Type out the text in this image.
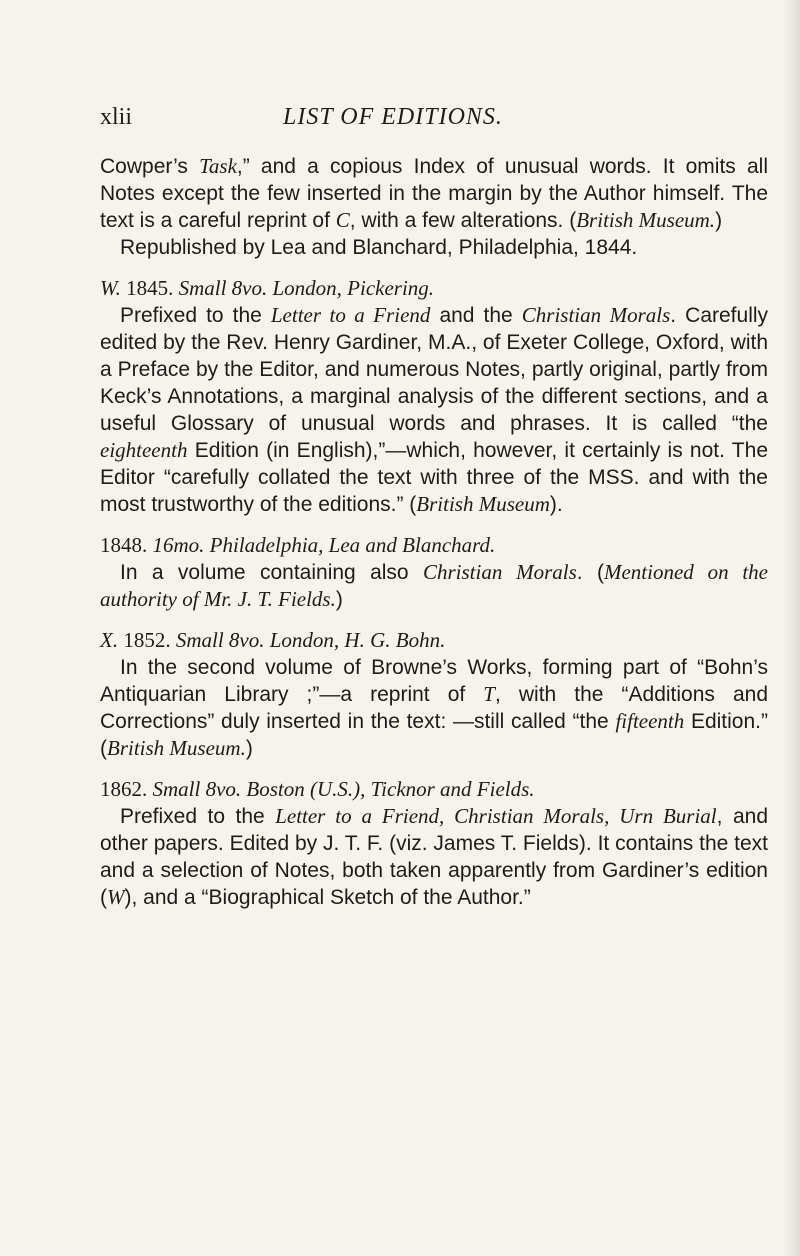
xlii	LIST OF EDITIONS.

Cowper’s Task,” and a copious Index of unusual words. It omits all Notes except the few inserted in the margin by the Author himself. The text is a careful reprint of C, with a few alterations. (British Museum.)

Republished by Lea and Blanchard, Philadelphia, 1844.

W. 1845. Small 8vo. London, Pickering.

Prefixed to the Letter to a Friend and the Christian Morals. Carefully edited by the Rev. Henry Gardiner, M.A., of Exeter College, Oxford, with a Preface by the Editor, and numerous Notes, partly original, partly from Keck’s Annotations, a marginal analysis of the different sections, and a useful Glossary of unusual words and phrases. It is called “the eighteenth Edition (in English),”—which, however, it certainly is not. The Editor “carefully collated the text with three of the MSS. and with the most trustworthy of the editions.” (British Museum).

1848. 16mo. Philadelphia, Lea and Blanchard.

In a volume containing also Christian Morals. (Mentioned on the authority of Mr. J. T. Fields.)

X. 1852. Small 8vo. London, H. G. Bohn.

In the second volume of Browne’s Works, forming part of “Bohn’s Antiquarian Library ;”—a reprint of T, with the “Additions and Corrections” duly inserted in the text: —still called “the fifteenth Edition.” (British Museum.)

1862. Small 8vo. Boston (U.S.), Ticknor and Fields.

Prefixed to the Letter to a Friend, Christian Morals, Urn Burial, and other papers. Edited by J. T. F. (viz. James T. Fields). It contains the text and a selection of Notes, both taken apparently from Gardiner’s edition (W), and a “Biographical Sketch of the Author.”
